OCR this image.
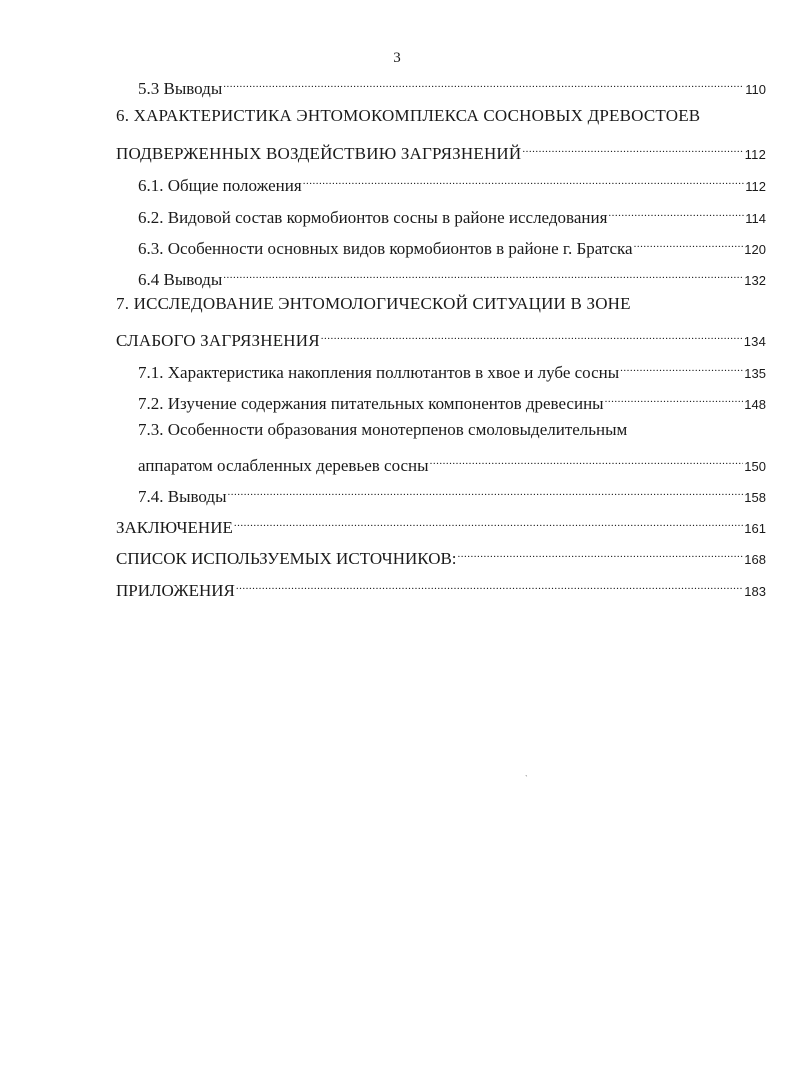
3
5.3 Выводы .....	110
6. ХАРАКТЕРИСТИКА ЭНТОМОКОМПЛЕКСА СОСНОВЫХ ДРЕВОСТОЕВ
ПОДВЕРЖЕННЫХ ВОЗДЕЙСТВИЮ ЗАГРЯЗНЕНИЙ .....	112
6.1. Общие положения .....	112
6.2. Видовой состав кормобионтов сосны в районе исследования .....	114
6.3. Особенности основных видов кормобионтов в районе г. Братска .....	120
6.4 Выводы .....	132
7. ИССЛЕДОВАНИЕ ЭНТОМОЛОГИЧЕСКОЙ СИТУАЦИИ В ЗОНЕ
СЛАБОГО ЗАГРЯЗНЕНИЯ .....	134
7.1. Характеристика накопления поллютантов в хвое и лубе сосны .....	135
7.2. Изучение содержания питательных компонентов древесины .....	148
7.3. Особенности образования монотерпенов смоловыделительным
аппаратом ослабленных деревьев сосны .....	150
7.4. Выводы .....	158
ЗАКЛЮЧЕНИЕ .....	161
СПИСОК ИСПОЛЬЗУЕМЫХ ИСТОЧНИКОВ: .....	168
ПРИЛОЖЕНИЯ .....	183
`
